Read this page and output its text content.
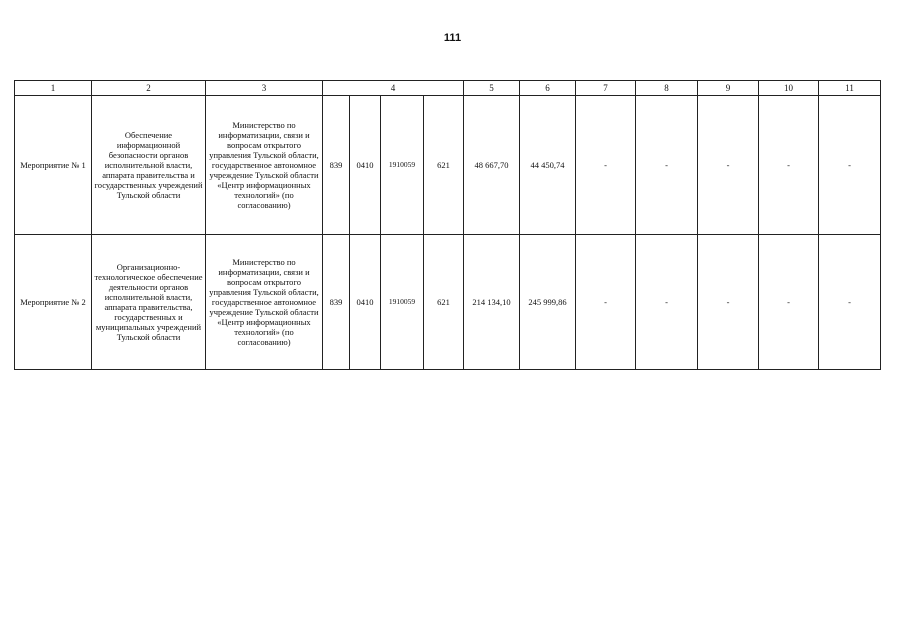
111
1	2	3	4				5	6	7	8	9	10	11
Мероприятие № 1	Обеспечение информационной безопасности органов исполнительной власти, аппарата правительства и государственных учреждений Тульской области	Министерство по информатизации, связи и вопросам открытого управления Тульской области, государственное автономное учреждение Тульской области «Центр информационных технологий» (по согласованию)	839	0410	1910059	621	48 667,70	44 450,74	-	-	-	-	-
Мероприятие № 2	Организационно-технологическое обеспечение деятельности органов исполнительной власти, аппарата правительства, государственных и муниципальных учреждений Тульской области	Министерство по информатизации, связи и вопросам открытого управления Тульской области, государственное автономное учреждение Тульской области «Центр информационных технологий» (по согласованию)	839	0410	1910059	621	214 134,10	245 999,86	-	-	-	-	-
